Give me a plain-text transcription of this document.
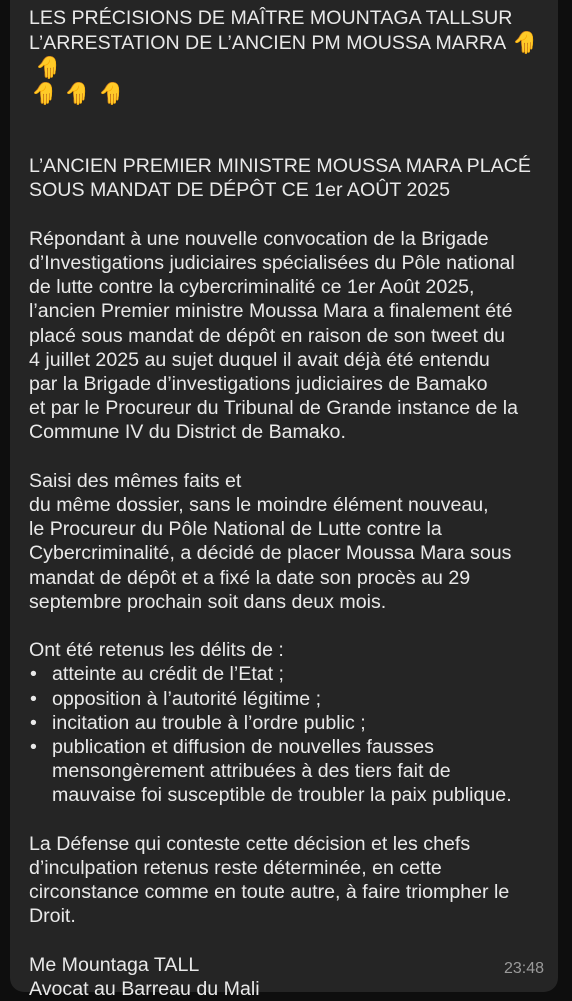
LES PRÉCISIONS DE MAÎTRE MOUNTAGA TALLSUR
L’ARRESTATION DE L’ANCIEN PM MOUSSA MARRA ✋✋
✋ ✋ ✋

L’ANCIEN PREMIER MINISTRE MOUSSA MARA PLACÉ
SOUS MANDAT DE DÉPÔT CE 1er AOÛT 2025

Répondant à une nouvelle convocation de la Brigade
d’Investigations judiciaires spécialisées du Pôle national
de lutte contre la cybercriminalité ce 1er Août 2025,
l’ancien Premier ministre Moussa Mara a finalement été
placé sous mandat de dépôt en raison de son tweet du
4 juillet 2025 au sujet duquel il avait déjà été entendu
par la Brigade d’investigations judiciaires de Bamako
et par le Procureur du Tribunal de Grande instance de la
Commune IV du District de Bamako.

Saisi des mêmes faits et
du même dossier, sans le moindre élément nouveau,
le Procureur du Pôle National de Lutte contre la
Cybercriminalité, a décidé de placer Moussa Mara sous
mandat de dépôt et a fixé la date son procès au 29
septembre prochain soit dans deux mois.

Ont été retenus les délits de :

• atteinte au crédit de l’Etat ;
• opposition à l’autorité légitime ;
• incitation au trouble à l’ordre public ;
• publication et diffusion de nouvelles fausses
mensongèrement attribuées à des tiers fait de
mauvaise foi susceptible de troubler la paix publique.

La Défense qui conteste cette décision et les chefs
d’inculpation retenus reste déterminée, en cette
circonstance comme en toute autre, à faire triompher le
Droit.

Me Mountaga TALL

Avocat au Barreau du Mali

23:48
